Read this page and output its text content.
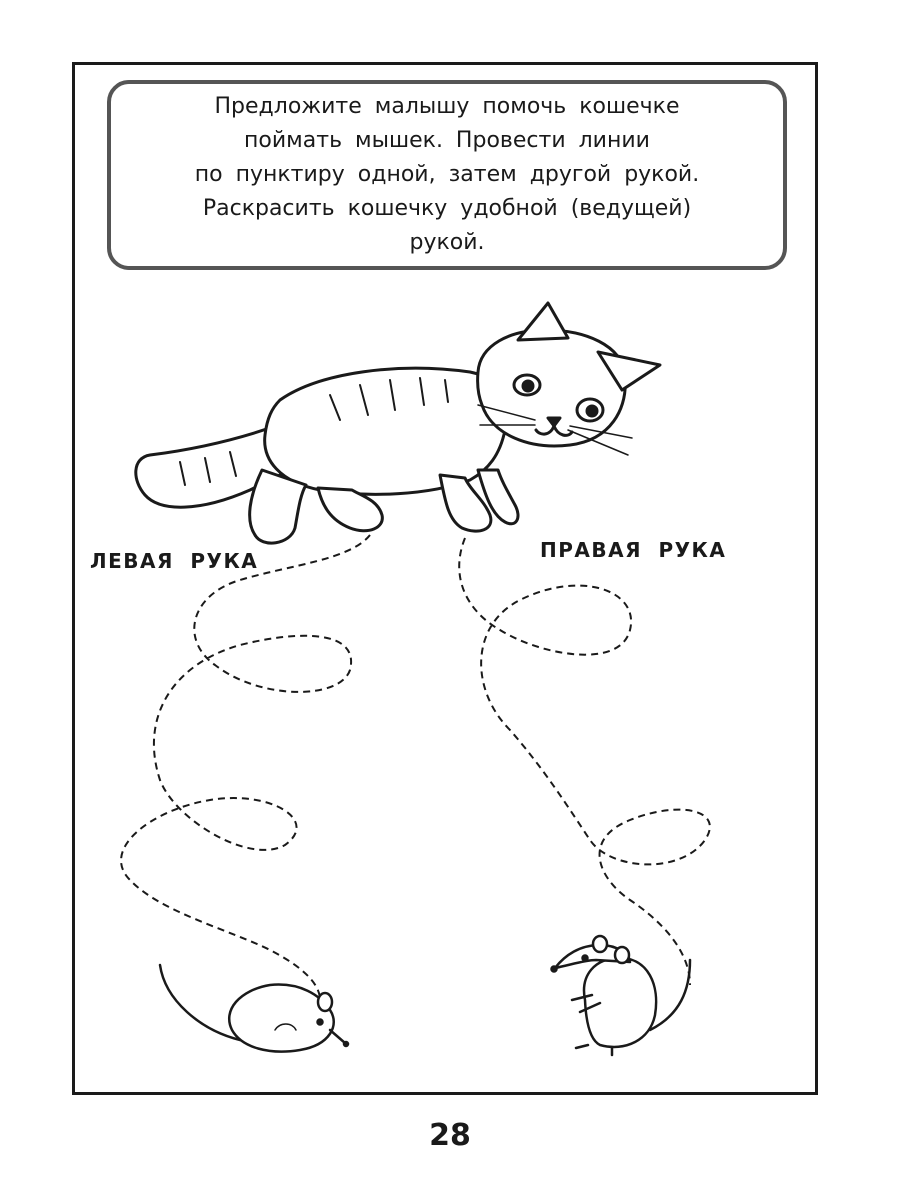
Предложите малышу помочь кошечке
поймать мышек. Провести линии
по пунктиру одной, затем другой рукой.
Раскрасить кошечку удобной (ведущей)
рукой.
ЛЕВАЯ РУКА	ПРАВАЯ РУКА
28
